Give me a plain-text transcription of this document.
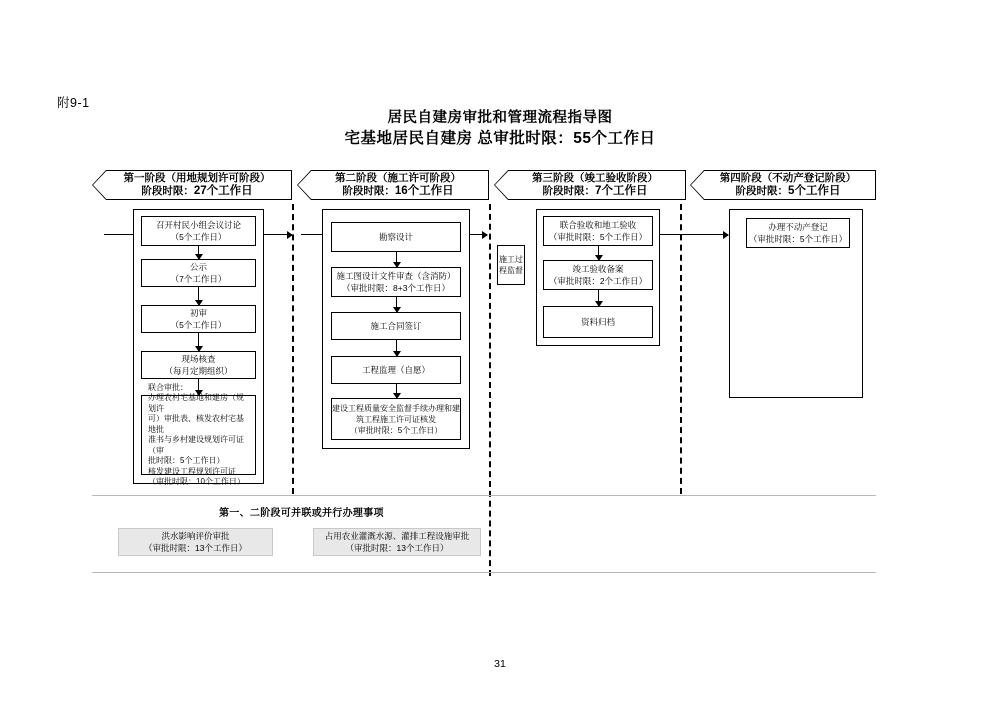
附9-1
居民自建房审批和管理流程指导图
宅基地居民自建房 总审批时限：55个工作日
第一阶段（用地规划许可阶段）
阶段时限：27个工作日
第二阶段（施工许可阶段）
阶段时限：16个工作日
第三阶段（竣工验收阶段）
阶段时限：7个工作日
第四阶段（不动产登记阶段）
阶段时限：5个工作日
召开村民小组会议讨论
（5个工作日）
公示
（7个工作日）
初审
（5个工作日）
现场核查
（每月定期组织）
联合审批：
办理农村宅基地和建房（规划许
可）审批表、核发农村宅基地批
准书与乡村建设规划许可证（审
批时限：5个工作日）
核发建设工程规划许可证
（审批时限：10个工作日）
勘察设计
施工图设计文件审查（含消防）
（审批时限：8+3个工作日）
施工合同签订
工程监理（自愿）
建设工程质量安全监督手续办理和建
筑工程施工许可证核发
（审批时限：5个工作日）
施工过
程监督
联合验收和地工验收
（审批时限：5个工作日）
竣工验收备案
（审批时限：2个工作日）
资料归档
办理不动产登记
（审批时限：5个工作日）
第一、二阶段可并联或并行办理事项
洪水影响评价审批
（审批时限：13个工作日）
占用农业灌溉水源、灌排工程设施审批
（审批时限：13个工作日）
31
